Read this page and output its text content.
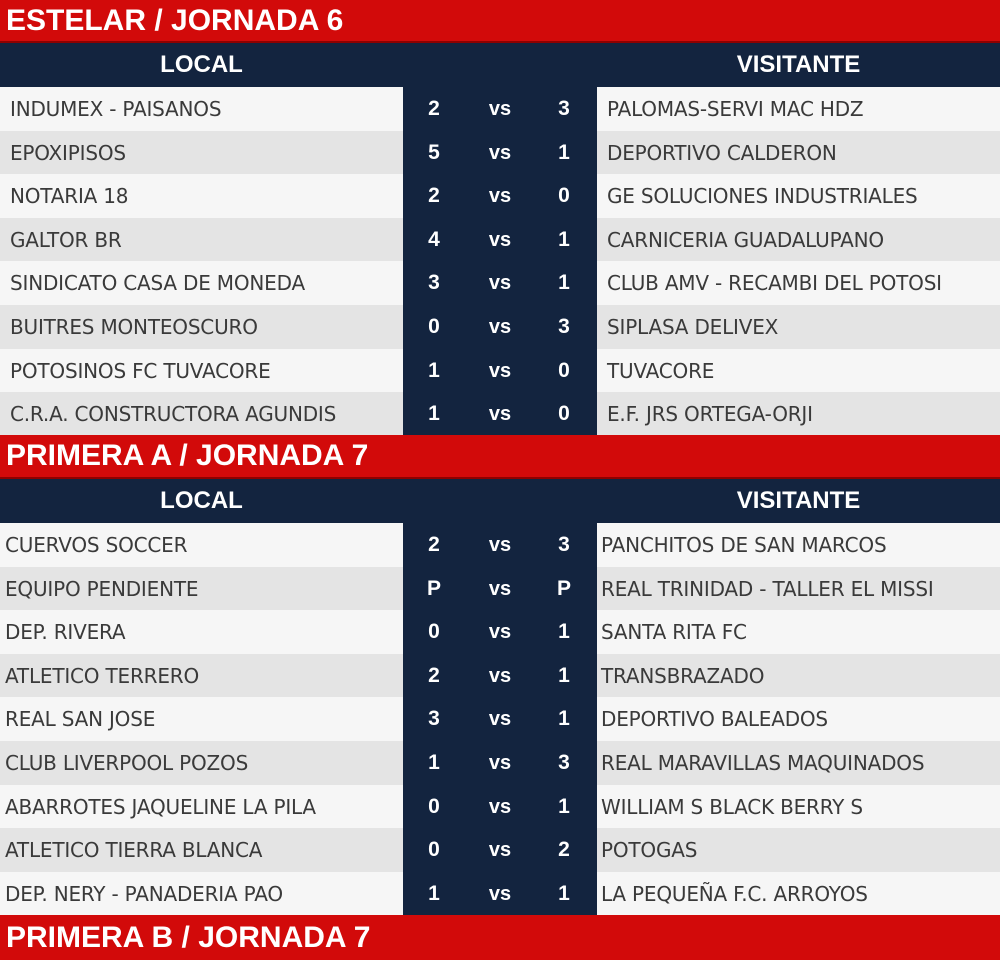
ESTELAR / JORNADA 6
LOCAL	VISITANTE
INDUMEX - PAISANOS	2	vs	3	PALOMAS-SERVI MAC HDZ
EPOXIPISOS	5	vs	1	DEPORTIVO CALDERON
NOTARIA 18	2	vs	0	GE SOLUCIONES INDUSTRIALES
GALTOR BR	4	vs	1	CARNICERIA GUADALUPANO
SINDICATO CASA DE MONEDA	3	vs	1	CLUB AMV - RECAMBI DEL POTOSI
BUITRES MONTEOSCURO	0	vs	3	SIPLASA DELIVEX
POTOSINOS FC TUVACORE	1	vs	0	TUVACORE
C.R.A. CONSTRUCTORA AGUNDIS	1	vs	0	E.F. JRS ORTEGA-ORJI
PRIMERA A / JORNADA 7
LOCAL	VISITANTE
CUERVOS SOCCER	2	vs	3	PANCHITOS DE SAN MARCOS
EQUIPO PENDIENTE	P	vs	P	REAL TRINIDAD - TALLER EL MISSI
DEP. RIVERA	0	vs	1	SANTA RITA FC
ATLETICO TERRERO	2	vs	1	TRANSBRAZADO
REAL SAN JOSE	3	vs	1	DEPORTIVO BALEADOS
CLUB LIVERPOOL POZOS	1	vs	3	REAL MARAVILLAS MAQUINADOS
ABARROTES JAQUELINE LA PILA	0	vs	1	WILLIAM S BLACK BERRY S
ATLETICO TIERRA BLANCA	0	vs	2	POTOGAS
DEP. NERY - PANADERIA PAO	1	vs	1	LA PEQUEÑA F.C. ARROYOS
PRIMERA B / JORNADA 7
